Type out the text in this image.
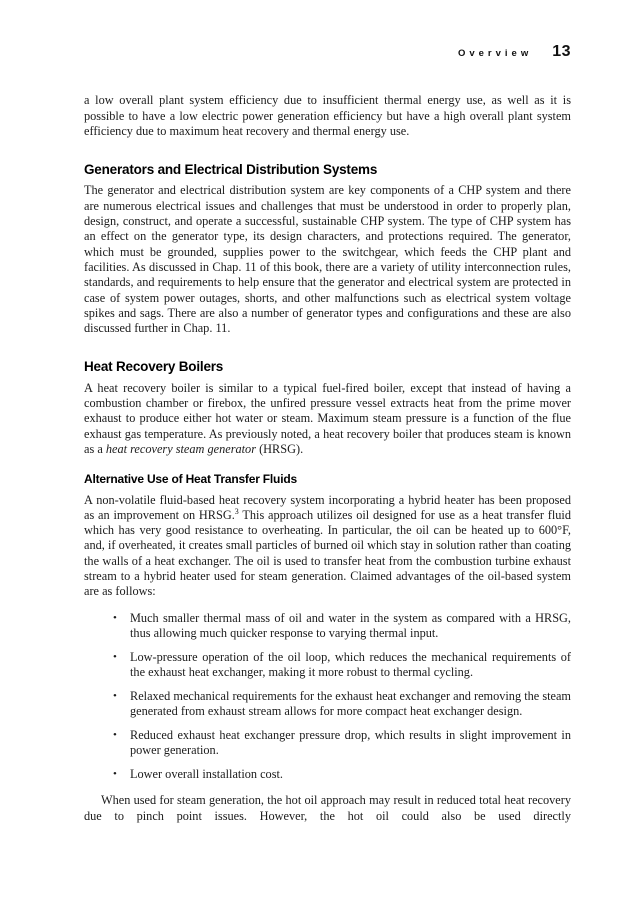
Overview 13

a low overall plant system efficiency due to insufficient thermal energy use, as well as it is possible to have a low electric power generation efficiency but have a high overall plant system efficiency due to maximum heat recovery and thermal energy use.

Generators and Electrical Distribution Systems

The generator and electrical distribution system are key components of a CHP system and there are numerous electrical issues and challenges that must be understood in order to properly plan, design, construct, and operate a successful, sustainable CHP system. The type of CHP system has an effect on the generator type, its design characters, and protections required. The generator, which must be grounded, supplies power to the switchgear, which feeds the CHP plant and facilities. As discussed in Chap. 11 of this book, there are a variety of utility interconnection rules, standards, and requirements to help ensure that the generator and electrical system are protected in case of system power outages, shorts, and other malfunctions such as electrical system voltage spikes and sags. There are also a number of generator types and configurations and these are also discussed further in Chap. 11.

Heat Recovery Boilers

A heat recovery boiler is similar to a typical fuel-fired boiler, except that instead of having a combustion chamber or firebox, the unfired pressure vessel extracts heat from the prime mover exhaust to produce either hot water or steam. Maximum steam pressure is a function of the flue exhaust gas temperature. As previously noted, a heat recovery boiler that produces steam is known as a heat recovery steam generator (HRSG).

Alternative Use of Heat Transfer Fluids

A non-volatile fluid-based heat recovery system incorporating a hybrid heater has been proposed as an improvement on HRSG.$^3$ This approach utilizes oil designed for use as a heat transfer fluid which has very good resistance to overheating. In particular, the oil can be heated up to 600°F, and, if overheated, it creates small particles of burned oil which stay in solution rather than coating the walls of a heat exchanger. The oil is used to transfer heat from the combustion turbine exhaust stream to a hybrid heater used for steam generation. Claimed advantages of the oil-based system are as follows:

•	Much smaller thermal mass of oil and water in the system as compared with a HRSG, thus allowing much quicker response to varying thermal input.
•	Low-pressure operation of the oil loop, which reduces the mechanical requirements of the exhaust heat exchanger, making it more robust to thermal cycling.
•	Relaxed mechanical requirements for the exhaust heat exchanger and removing the steam generated from exhaust stream allows for more compact heat exchanger design.
•	Reduced exhaust heat exchanger pressure drop, which results in slight improvement in power generation.
•	Lower overall installation cost.

When used for steam generation, the hot oil approach may result in reduced total heat recovery due to pinch point issues. However, the hot oil could also be used directly
